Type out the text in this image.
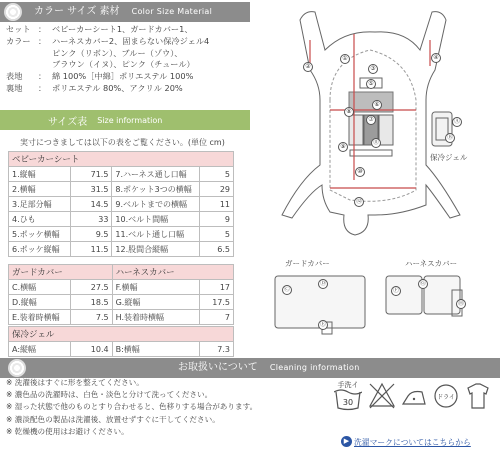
カラー サイズ 素材 Color Size Material
セット ： ベビーカーシート1、ガードカバー1、
カラー ： ハーネスカバー2、固まらない保冷ジェル4
ピンク（リボン）、ブルー（ゾウ）、
ブラウン（イヌ）、ピンク（チュール）
表地	： 綿 100%［中綿］ポリエステル 100%
裏地	： ポリエステル 80%、アクリル 20%
サイズ表 Size information
実寸につきましては以下の表をご覧ください。(単位 cm)
ベビーカーシート			
1.縦幅	71.5	7.ハーネス通し口幅	5
2.横幅	31.5	8.ポケット3つの横幅	29
3.足部分幅	14.5	9.ベルトまでの横幅	11
4.ひも	33	10.ベルト間幅	9
5.ポッケ横幅	9.5	11.ベルト通し口幅	5
6.ポッケ縦幅	11.5	12.股間合縦幅	6.5
ガードカバー		ハーネスカバー	
C.横幅	27.5	F.横幅	17
D.縦幅	18.5	G.縦幅	17.5
E.装着時横幅	7.5	H.装着時横幅	7
保冷ジェル
A:縦幅	10.4	B:横幅	7.3
ガードカバー	ハーネスカバー
保冷ジェル
①
②	③
④
⑤
⑥
⑦
⑧
⑨
⑩
⑪
⑫
Ⓐ
Ⓑ
Ⓒ
Ⓓ
Ⓔ
Ⓕ
Ⓖ
Ⓗ
お取扱いについて Cleaning information
※ 洗濯後はすぐに形を整えてください。
※ 濃色品の洗濯時は、白色・淡色と分けて洗ってください。
※ 湿った状態で他のものとすり合わせると、色移りする場合があります。
※ 濃淡配色の製品は洗濯後、放置せずすぐに干してください。
※ 乾燥機の使用はお避けください。
手洗イ
30
ドライ
▶ 洗濯マークについてはこちらから
